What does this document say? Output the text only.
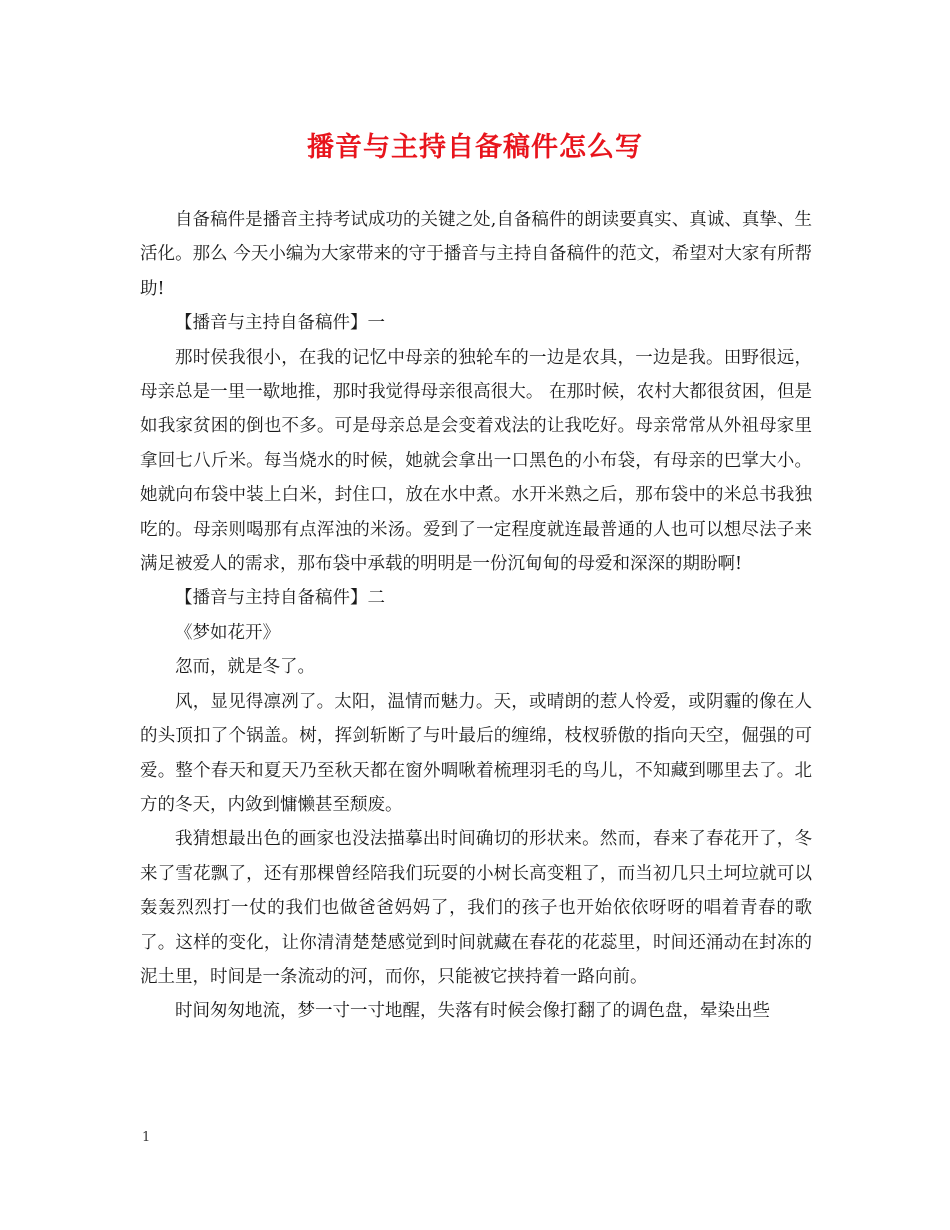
播音与主持自备稿件怎么写

自备稿件是播音主持考试成功的关键之处,自备稿件的朗读要真实、真诚、真挚、生活化。那么 今天小编为大家带来的守于播音与主持自备稿件的范文，希望对大家有所帮助!

【播音与主持自备稿件】一

那时侯我很小，在我的记忆中母亲的独轮车的一边是农具，一边是我。田野很远，母亲总是一里一歇地推，那时我觉得母亲很高很大。 在那时候，农村大都很贫困，但是如我家贫困的倒也不多。可是母亲总是会变着戏法的让我吃好。母亲常常从外祖母家里拿回七八斤米。每当烧水的时候，她就会拿出一口黑色的小布袋，有母亲的巴掌大小。她就向布袋中装上白米，封住口，放在水中煮。水开米熟之后，那布袋中的米总书我独吃的。母亲则喝那有点浑浊的米汤。爱到了一定程度就连最普通的人也可以想尽法子来满足被爱人的需求，那布袋中承载的明明是一份沉甸甸的母爱和深深的期盼啊!

【播音与主持自备稿件】二

《梦如花开》

忽而，就是冬了。

风，显见得凛冽了。太阳，温情而魅力。天，或晴朗的惹人怜爱，或阴霾的像在人的头顶扣了个锅盖。树，挥剑斩断了与叶最后的缠绵，枝杈骄傲的指向天空，倔强的可爱。整个春天和夏天乃至秋天都在窗外啁啾着梳理羽毛的鸟儿，不知藏到哪里去了。北方的冬天，内敛到慵懒甚至颓废。

我猜想最出色的画家也没法描摹出时间确切的形状来。然而，春来了春花开了，冬来了雪花飘了，还有那棵曾经陪我们玩耍的小树长高变粗了，而当初几只土坷垃就可以轰轰烈烈打一仗的我们也做爸爸妈妈了，我们的孩子也开始依依呀呀的唱着青春的歌了。这样的变化，让你清清楚楚感觉到时间就藏在春花的花蕊里，时间还涌动在封冻的泥土里，时间是一条流动的河，而你，只能被它挟持着一路向前。

时间匆匆地流，梦一寸一寸地醒，失落有时候会像打翻了的调色盘，晕染出些

1
